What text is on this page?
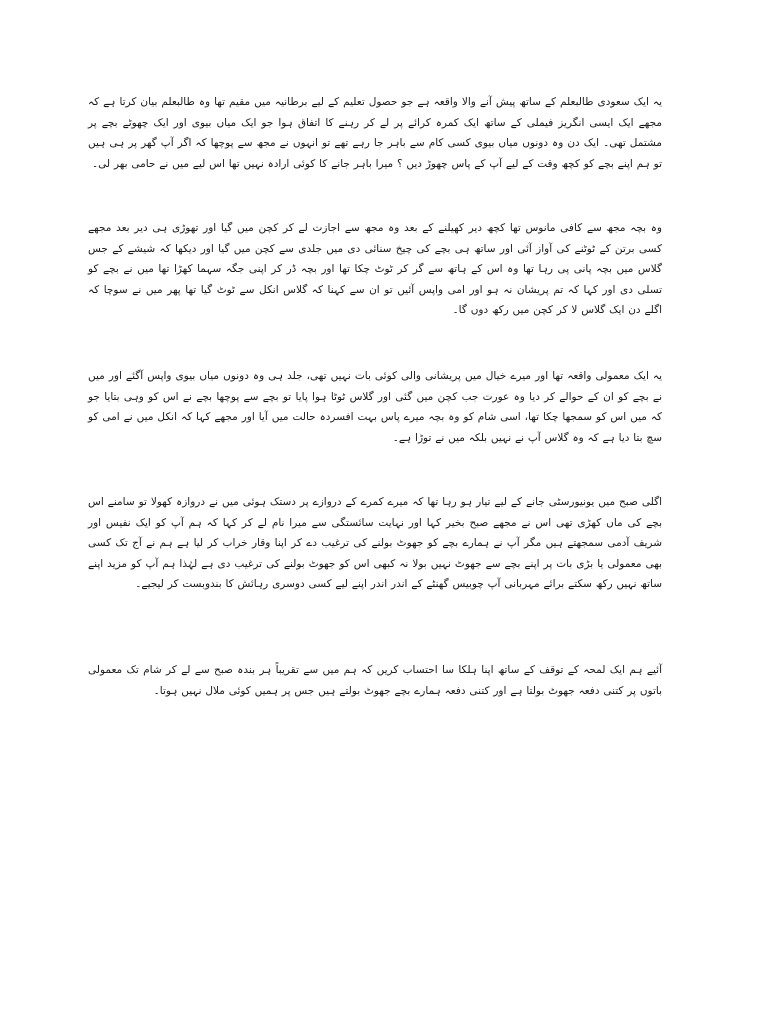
یہ ایک سعودی طالبعلم کے ساتھ پیش آنے والا واقعہ ہے جو حصول تعلیم کے لیے برطانیہ میں مقیم تھا وہ طالبعلم بیان کرتا ہے کہ مجھے ایک ایسی انگریز فیملی کے ساتھ ایک کمرہ کرائے پر لے کر رہنے کا اتفاق ہوا جو ایک میاں بیوی اور ایک چھوٹے بچے پر مشتمل تھی۔ ایک دن وہ دونوں میاں بیوی کسی کام سے باہر جا رہے تھے تو انہوں نے مجھ سے پوچھا کہ اگر آپ گھر پر ہی ہیں تو ہم اپنے بچے کو کچھ وقت کے لیے آپ کے پاس چھوڑ دیں ؟ میرا باہر جانے کا کوئی ارادہ نہیں تھا اس لیے میں نے حامی بھر لی۔

وہ بچہ مجھ سے کافی مانوس تھا کچھ دیر کھیلنے کے بعد وہ مجھ سے اجازت لے کر کچن میں گیا اور تھوڑی ہی دیر بعد مجھے کسی برتن کے ٹوٹنے کی آواز آئی اور ساتھ ہی بچے کی چیخ سنائی دی میں جلدی سے کچن میں گیا اور دیکھا کہ شیشے کے جس گلاس میں بچہ پانی پی رہا تھا وہ اس کے ہاتھ سے گر کر ٹوٹ چکا تھا اور بچہ ڈر کر اپنی جگہ سہما کھڑا تھا میں نے بچے کو تسلی دی اور کہا کہ تم پریشان نہ ہو اور امی واپس آئیں تو ان سے کہنا کہ گلاس انکل سے ٹوٹ گیا تھا پھر میں نے سوچا کہ اگلے دن ایک گلاس لا کر کچن میں رکھ دوں گا۔

یہ ایک معمولی واقعہ تھا اور میرے خیال میں پریشانی والی کوئی بات نہیں تھی، جلد ہی وہ دونوں میاں بیوی واپس آگئے اور میں نے بچے کو ان کے حوالے کر دیا وہ عورت جب کچن میں گئی اور گلاس ٹوٹا ہوا پایا تو بچے سے پوچھا بچے نے اس کو وہی بتایا جو کہ میں اس کو سمجھا چکا تھا، اسی شام کو وہ بچہ میرے پاس بہت افسردہ حالت میں آیا اور مجھے کہا کہ انکل میں نے امی کو سچ بتا دیا ہے کہ وہ گلاس آپ نے نہیں بلکہ میں نے توڑا ہے۔

اگلی صبح میں یونیورسٹی جانے کے لیے تیار ہو رہا تھا کہ میرے کمرے کے دروازے پر دستک ہوئی میں نے دروازہ کھولا تو سامنے اس بچے کی ماں کھڑی تھی اس نے مجھے صبح بخیر کہا اور نہایت سائستگی سے میرا نام لے کر کہا کہ ہم آپ کو ایک نفیس اور شریف آدمی سمجھتے ہیں مگر آپ نے ہمارے بچے کو جھوٹ بولنے کی ترغیب دے کر اپنا وقار خراب کر لیا ہے ہم نے آج تک کسی بھی معمولی یا بڑی بات پر اپنے بچے سے جھوٹ نہیں بولا نہ کبھی اس کو جھوٹ بولنے کی ترغیب دی ہے لہٰذا ہم آپ کو مزید اپنے ساتھ نہیں رکھ سکتے برائے مہربانی آپ چوبیس گھنٹے کے اندر اندر اپنے لیے کسی دوسری رہائش کا بندوبست کر لیجیے۔

آئیے ہم ایک لمحہ کے توقف کے ساتھ اپنا ہلکا سا احتساب کریں کہ ہم میں سے تقریباً ہر بندہ صبح سے لے کر شام تک معمولی باتوں پر کتنی دفعہ جھوٹ بولتا ہے اور کتنی دفعہ ہمارے بچے جھوٹ بولتے ہیں جس پر ہمیں کوئی ملال نہیں ہوتا۔
